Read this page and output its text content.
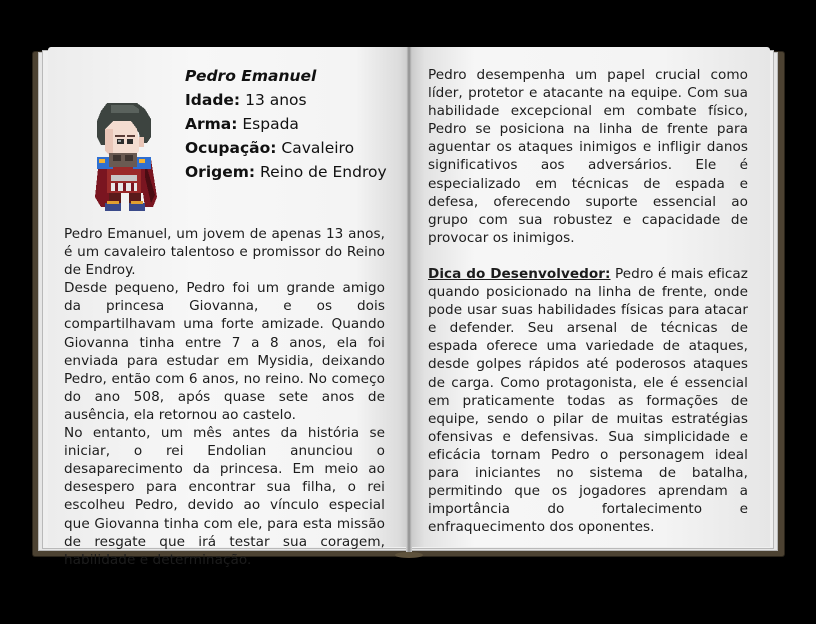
Pedro Emanuel
Idade: 13 anos
Arma: Espada
Ocupação: Cavaleiro
Origem: Reino de Endroy

Pedro Emanuel, um jovem de apenas 13 anos, é um cavaleiro talentoso e promissor do Reino de Endroy.

Desde pequeno, Pedro foi um grande amigo da princesa Giovanna, e os dois compartilhavam uma forte amizade. Quando Giovanna tinha entre 7 a 8 anos, ela foi enviada para estudar em Mysidia, deixando Pedro, então com 6 anos, no reino. No começo do ano 508, após quase sete anos de ausência, ela retornou ao castelo.

No entanto, um mês antes da história se iniciar, o rei Endolian anunciou o desaparecimento da princesa. Em meio ao desespero para encontrar sua filha, o rei escolheu Pedro, devido ao vínculo especial que Giovanna tinha com ele, para esta missão de resgate que irá testar sua coragem, habilidade e determinação.

Pedro desempenha um papel crucial como líder, protetor e atacante na equipe. Com sua habilidade excepcional em combate físico, Pedro se posiciona na linha de frente para aguentar os ataques inimigos e infligir danos significativos aos adversários. Ele é especializado em técnicas de espada e defesa, oferecendo suporte essencial ao grupo com sua robustez e capacidade de provocar os inimigos.

Dica do Desenvolvedor: Pedro é mais eficaz quando posicionado na linha de frente, onde pode usar suas habilidades físicas para atacar e defender. Seu arsenal de técnicas de espada oferece uma variedade de ataques, desde golpes rápidos até poderosos ataques de carga. Como protagonista, ele é essencial em praticamente todas as formações de equipe, sendo o pilar de muitas estratégias ofensivas e defensivas. Sua simplicidade e eficácia tornam Pedro o personagem ideal para iniciantes no sistema de batalha, permitindo que os jogadores aprendam a importância do fortalecimento e enfraquecimento dos oponentes.
